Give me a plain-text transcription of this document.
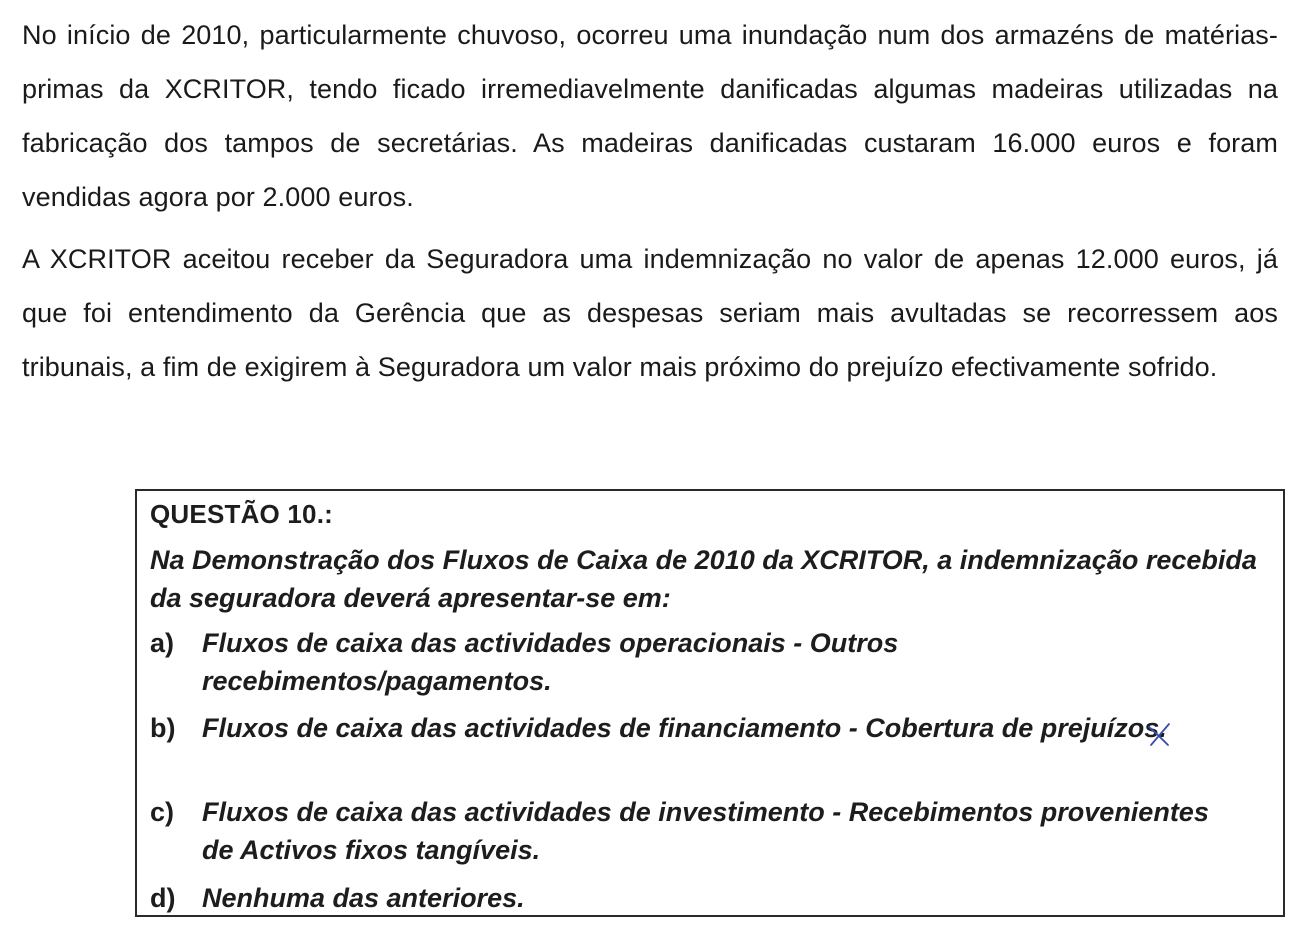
No início de 2010, particularmente chuvoso, ocorreu uma inundação num dos armazéns de matérias-primas da XCRITOR, tendo ficado irremediavelmente danificadas algumas madeiras utilizadas na fabricação dos tampos de secretárias. As madeiras danificadas custaram 16.000 euros e foram vendidas agora por 2.000 euros.

A XCRITOR aceitou receber da Seguradora uma indemnização no valor de apenas 12.000 euros, já que foi entendimento da Gerência que as despesas seriam mais avultadas se recorressem aos tribunais, a fim de exigirem à Seguradora um valor mais próximo do prejuízo efectivamente sofrido.

QUESTÃO 10.:

Na Demonstração dos Fluxos de Caixa de 2010 da XCRITOR, a indemnização recebida da seguradora deverá apresentar-se em:

a) Fluxos de caixa das actividades operacionais - Outros recebimentos/pagamentos.
b) Fluxos de caixa das actividades de financiamento - Cobertura de prejuízos.
c) Fluxos de caixa das actividades de investimento - Recebimentos provenientes de Activos fixos tangíveis.
d) Nenhuma das anteriores.
